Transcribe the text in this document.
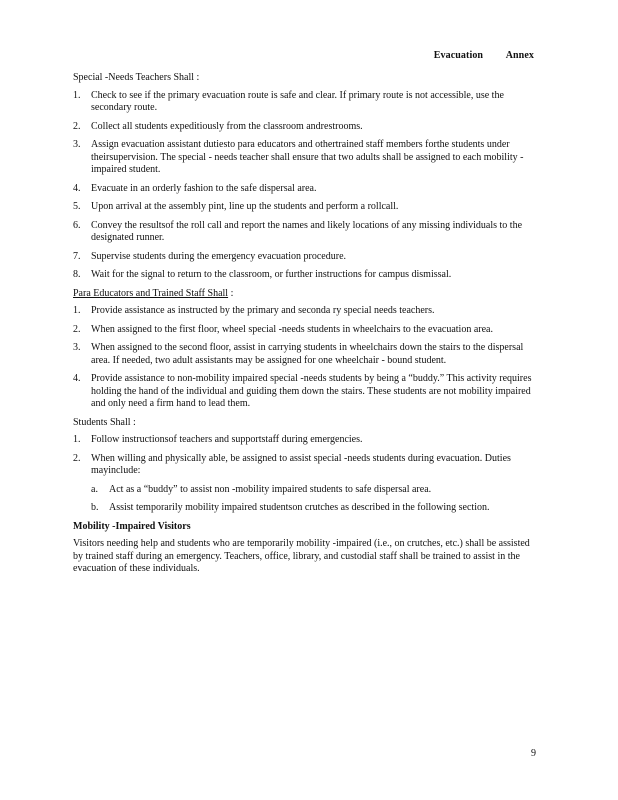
Evacuation Annex
Special -Needs Teachers Shall :
1. Check to see if the primary evacuation route is safe and clear. If primary route is not accessible, use the secondary route.
2. Collect all students expeditiously from the classroom andrestrooms.
3. Assign evacuation assistant dutiesto para educators and othertrained staff members forthe students under theirsupervision. The special - needs teacher shall ensure that two adults shall be assigned to each mobility -impaired student.
4. Evacuate in an orderly fashion to the safe dispersal area.
5. Upon arrival at the assembly pint, line up the students and perform a rollcall.
6. Convey the resultsof the roll call and report the names and likely locations of any missing individuals to the designated runner.
7. Supervise students during the emergency evacuation procedure.
8. Wait for the signal to return to the classroom, or further instructions for campus dismissal.
Para Educators and Trained Staff Shall :
1. Provide assistance as instructed by the primary and seconda ry special needs teachers.
2. When assigned to the first floor, wheel special -needs students in wheelchairs to the evacuation area.
3. When assigned to the second floor, assist in carrying students in wheelchairs down the stairs to the dispersal area. If needed, two adult assistants may be assigned for one wheelchair - bound student.
4. Provide assistance to non-mobility impaired special -needs students by being a “buddy.” This activity requires holding the hand of the individual and guiding them down the stairs. These students are not mobility impaired and only need a firm hand to lead them.
Students Shall :
1. Follow instructionsof teachers and supportstaff during emergencies.
2. When willing and physically able, be assigned to assist special -needs students during evacuation. Duties mayinclude:
a. Act as a “buddy” to assist non -mobility impaired students to safe dispersal area.
b. Assist temporarily mobility impaired studentson crutches as described in the following section.
Mobility -Impaired Visitors

Visitors needing help and students who are temporarily mobility -impaired (i.e., on crutches, etc.) shall be assisted by trained staff during an emergency. Teachers, office, library, and custodial staff shall be trained to assist in the evacuation of these individuals.

9
